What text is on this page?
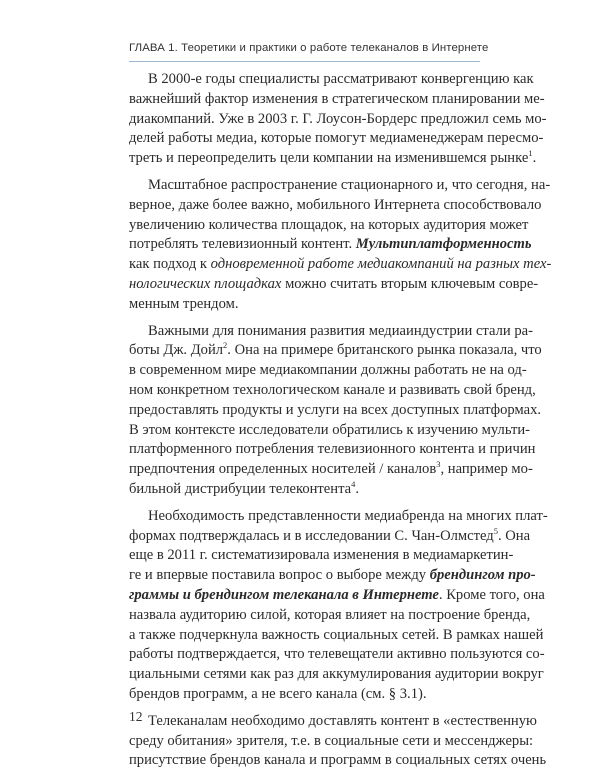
ГЛАВА 1. Теоретики и практики о работе телеканалов в Интернете
В 2000-е годы специалисты рассматривают конвергенцию как
важнейший фактор изменения в стратегическом планировании ме-
диакомпаний. Уже в 2003 г. Г. Лоусон-Бордерс предложил семь мо-
делей работы медиа, которые помогут медиаменеджерам пересмо-
треть и переопределить цели компании на изменившемся рынке$^1$.
Масштабное распространение стационарного и, что сегодня, на-
верное, даже более важно, мобильного Интернета способствовало
увеличению количества площадок, на которых аудитория может
потреблять телевизионный контент. Мультиплатформенность
как подход к одновременной работе медиакомпаний на разных тех-
нологических площадках можно считать вторым ключевым совре-
менным трендом.
Важными для понимания развития медиаиндустрии стали ра-
боты Дж. Дойл$^2$. Она на примере британского рынка показала, что
в современном мире медиакомпании должны работать не на од-
ном конкретном технологическом канале и развивать свой бренд,
предоставлять продукты и услуги на всех доступных платформах.
В этом контексте исследователи обратились к изучению мульти-
платформенного потребления телевизионного контента и причин
предпочтения определенных носителей / каналов$^3$, например мо-
бильной дистрибуции телеконтента$^4$.
Необходимость представленности медиабренда на многих плат-
формах подтверждалась и в исследовании С. Чан-Олмстед$^5$. Она
еще в 2011 г. систематизировала изменения в медиамаркетин-
ге и впервые поставила вопрос о выборе между брендингом про-
граммы и брендингом телеканала в Интернете. Кроме того, она
назвала аудиторию силой, которая влияет на построение бренда,
а также подчеркнула важность социальных сетей. В рамках нашей
работы подтверждается, что телевещатели активно пользуются со-
циальными сетями как раз для аккумулирования аудитории вокруг
брендов программ, а не всего канала (см. § 3.1).
Телеканалам необходимо доставлять контент в «естественную
среду обитания» зрителя, т.е. в социальные сети и мессенджеры:
присутствие брендов канала и программ в социальных сетях очень
12
